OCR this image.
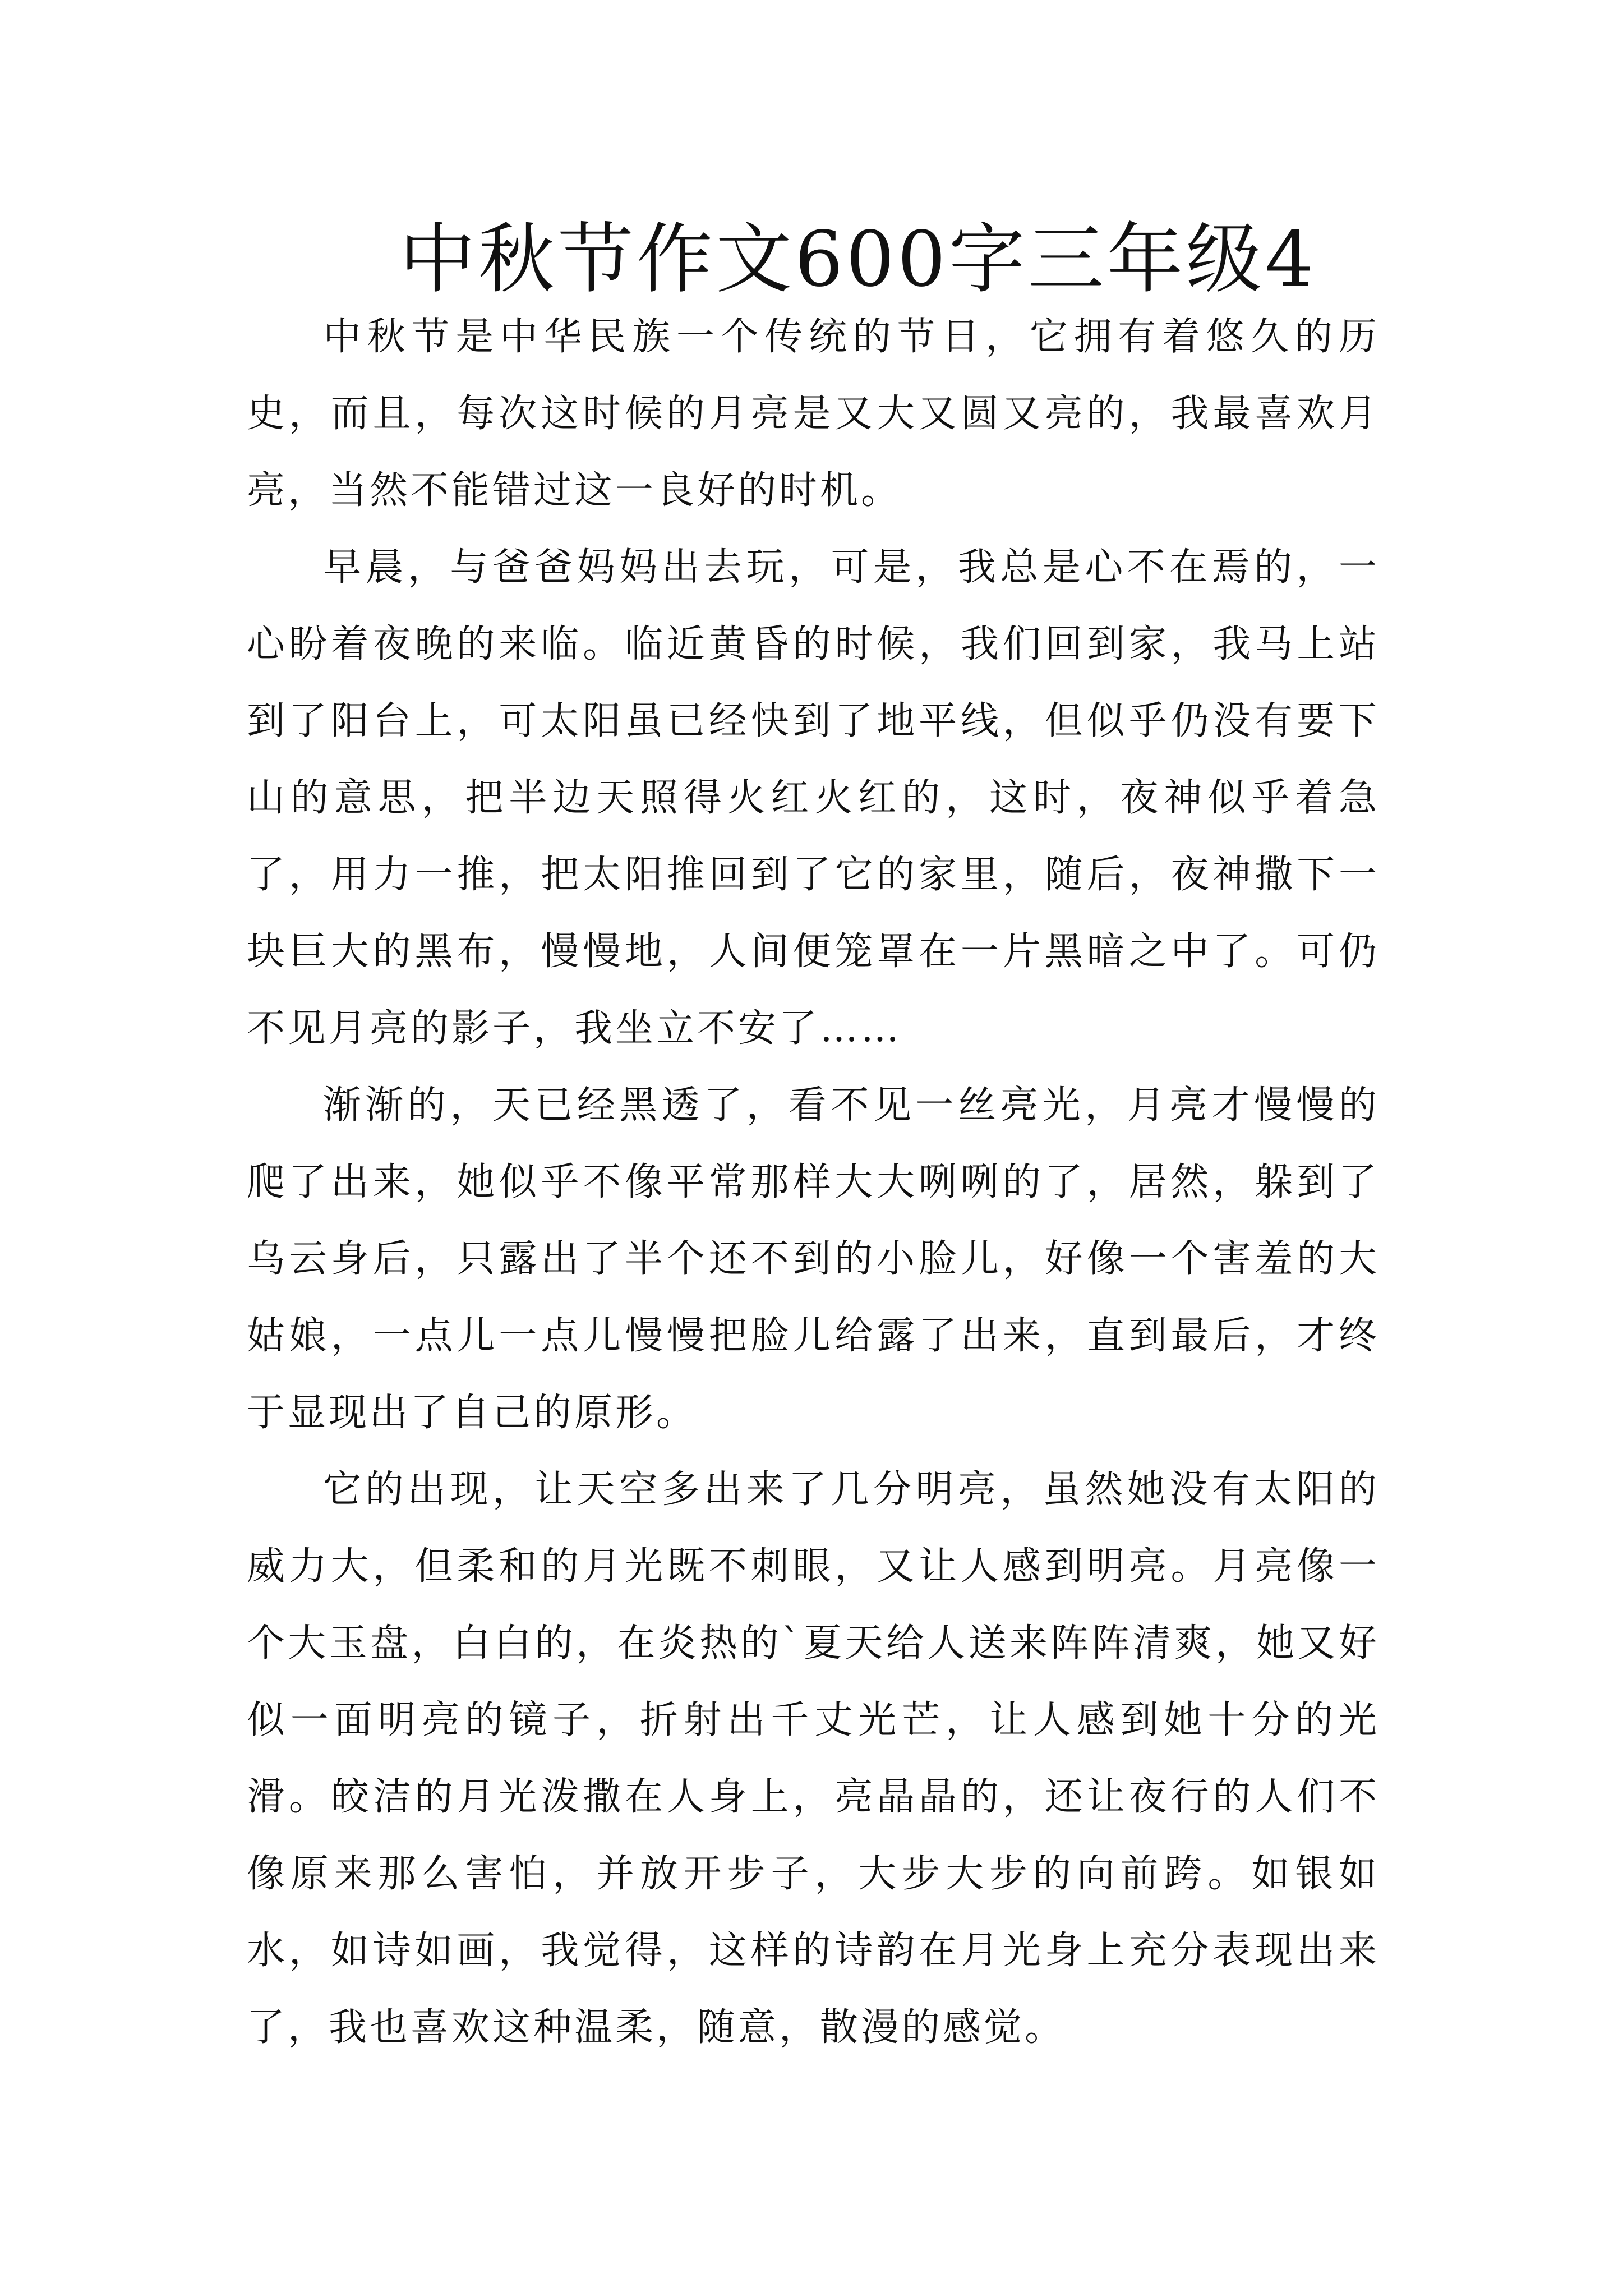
中秋节作文600字三年级4

中秋节是中华民族一个传统的节日，它拥有着悠久的历史，而且，每次这时候的月亮是又大又圆又亮的，我最喜欢月亮，当然不能错过这一良好的时机。

早晨，与爸爸妈妈出去玩，可是，我总是心不在焉的，一心盼着夜晚的来临。临近黄昏的时候，我们回到家，我马上站到了阳台上，可太阳虽已经快到了地平线，但似乎仍没有要下山的意思，把半边天照得火红火红的，这时，夜神似乎着急了，用力一推，把太阳推回到了它的家里，随后，夜神撒下一块巨大的黑布，慢慢地，人间便笼罩在一片黑暗之中了。可仍不见月亮的影子，我坐立不安了……

渐渐的，天已经黑透了，看不见一丝亮光，月亮才慢慢的爬了出来，她似乎不像平常那样大大咧咧的了，居然，躲到了乌云身后，只露出了半个还不到的小脸儿，好像一个害羞的大姑娘，一点儿一点儿慢慢把脸儿给露了出来，直到最后，才终于显现出了自己的原形。

它的出现，让天空多出来了几分明亮，虽然她没有太阳的威力大，但柔和的月光既不刺眼，又让人感到明亮。月亮像一个大玉盘，白白的，在炎热的`夏天给人送来阵阵清爽，她又好似一面明亮的镜子，折射出千丈光芒，让人感到她十分的光滑。皎洁的月光泼撒在人身上，亮晶晶的，还让夜行的人们不像原来那么害怕，并放开步子，大步大步的向前跨。如银如水，如诗如画，我觉得，这样的诗韵在月光身上充分表现出来了，我也喜欢这种温柔，随意，散漫的感觉。
